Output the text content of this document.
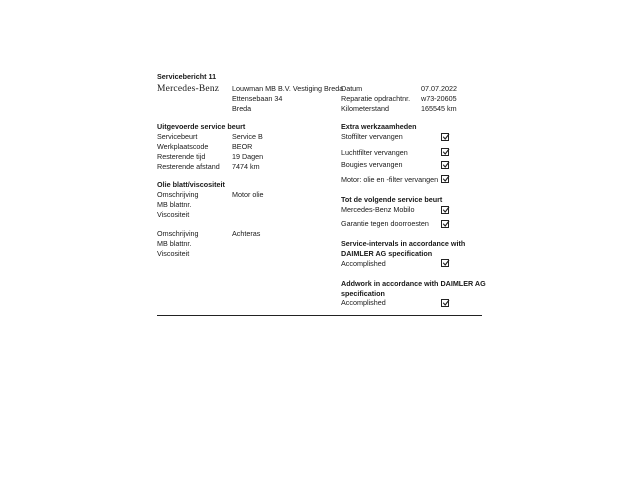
Servicebericht 11
Mercedes-Benz Louwman MB B.V. Vestiging Breda
Ettensebaan 34
Breda
Datum	07.07.2022
Reparatie opdrachtnr. w73-20605
Kilometerstand	165545 km
Uitgevoerde service beurt
Servicebeurt	Service B
Werkplaatscode	BEOR
Resterende tijd	19 Dagen
Resterende afstand 7474 km
Olie blatt/viscositeit
Omschrijving	Motor olie
MB blattnr.
Viscositeit
Omschrijving	Achteras
MB blattnr.
Viscositeit
Extra werkzaamheden
Stoffilter vervangen
Luchtfilter vervangen
Bougies vervangen
Motor: olie en -filter vervangen
Tot de volgende service beurt
Mercedes-Benz Mobilo
Garantie tegen doorroesten
Service-intervals in accordance with
DAIMLER AG specification
Accomplished
Addwork in accordance with DAIMLER AG
specification
Accomplished
